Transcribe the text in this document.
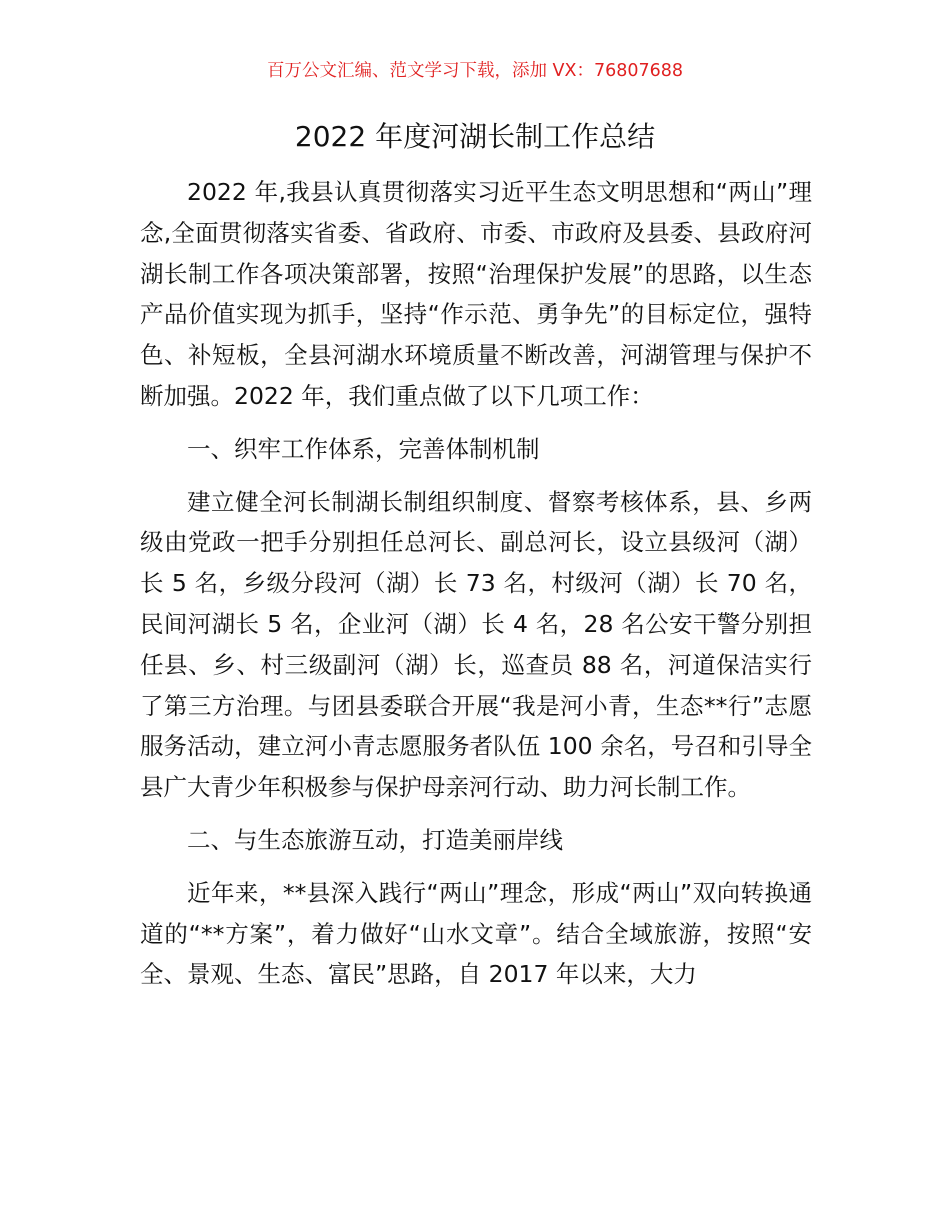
百万公文汇编、范文学习下载，添加 VX：76807688
2022 年度河湖长制工作总结

2022 年,我县认真贯彻落实习近平生态文明思想和“两山”理念,全面贯彻落实省委、省政府、市委、市政府及县委、县政府河湖长制工作各项决策部署，按照“治理保护发展”的思路，以生态产品价值实现为抓手，坚持“作示范、勇争先”的目标定位，强特色、补短板，全县河湖水环境质量不断改善，河湖管理与保护不断加强。2022 年，我们重点做了以下几项工作：

一、织牢工作体系，完善体制机制

建立健全河长制湖长制组织制度、督察考核体系，县、乡两级由党政一把手分别担任总河长、副总河长，设立县级河（湖）长 5 名，乡级分段河（湖）长 73 名，村级河（湖）长 70 名，民间河湖长 5 名，企业河（湖）长 4 名，28 名公安干警分别担任县、乡、村三级副河（湖）长，巡查员 88 名，河道保洁实行了第三方治理。与团县委联合开展“我是河小青，生态**行”志愿服务活动，建立河小青志愿服务者队伍 100 余名，号召和引导全县广大青少年积极参与保护母亲河行动、助力河长制工作。

二、与生态旅游互动，打造美丽岸线

近年来，**县深入践行“两山”理念，形成“两山”双向转换通道的“**方案”，着力做好“山水文章”。结合全域旅游，按照“安全、景观、生态、富民”思路，自 2017 年以来，大力
